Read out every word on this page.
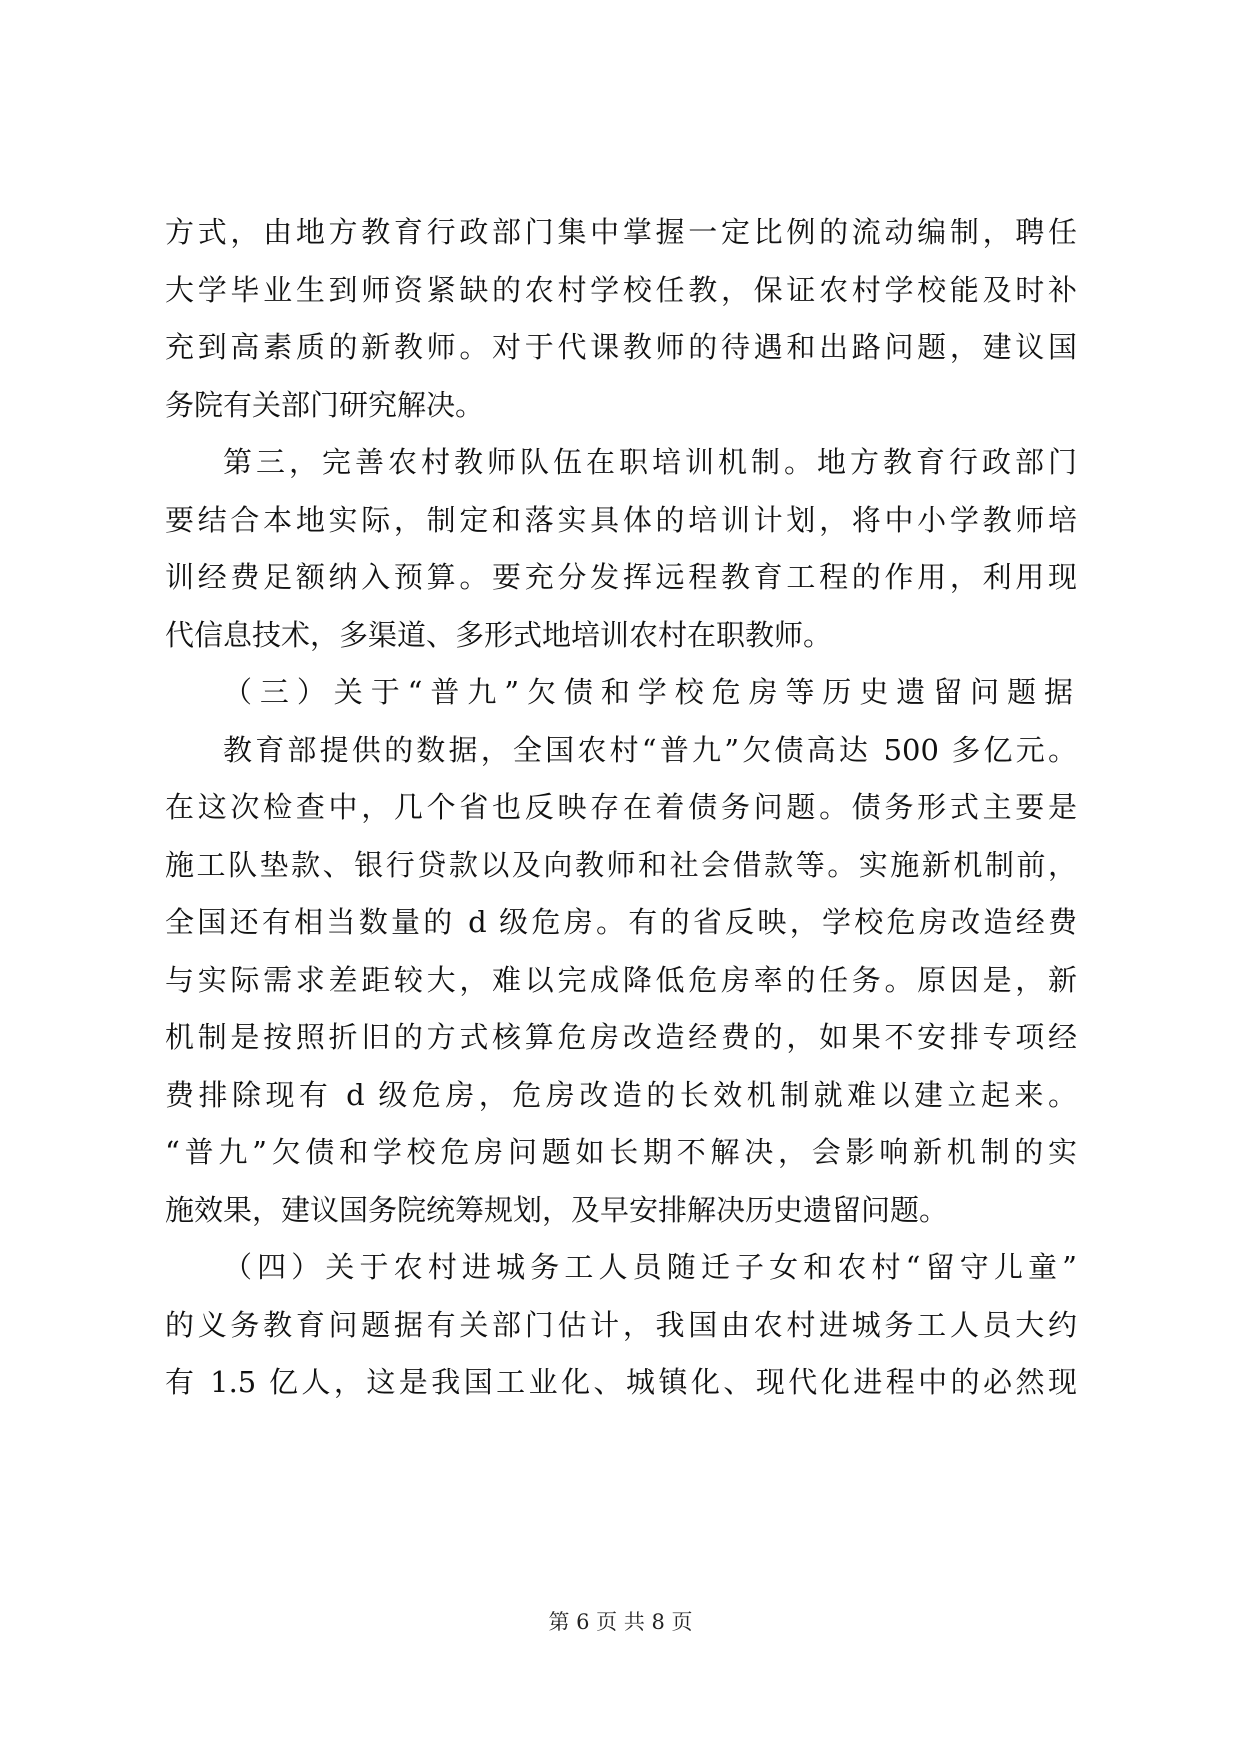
方式，由地方教育行政部门集中掌握一定比例的流动编制，聘任
大学毕业生到师资紧缺的农村学校任教，保证农村学校能及时补
充到高素质的新教师。对于代课教师的待遇和出路问题，建议国
务院有关部门研究解决。
第三，完善农村教师队伍在职培训机制。地方教育行政部门
要结合本地实际，制定和落实具体的培训计划，将中小学教师培
训经费足额纳入预算。要充分发挥远程教育工程的作用，利用现
代信息技术，多渠道、多形式地培训农村在职教师。
（三）关于“普九”欠债和学校危房等历史遗留问题据
教育部提供的数据，全国农村“普九”欠债高达 500 多亿元。
在这次检查中，几个省也反映存在着债务问题。债务形式主要是
施工队垫款、银行贷款以及向教师和社会借款等。实施新机制前，
全国还有相当数量的 d 级危房。有的省反映，学校危房改造经费
与实际需求差距较大，难以完成降低危房率的任务。原因是，新
机制是按照折旧的方式核算危房改造经费的，如果不安排专项经
费排除现有 d 级危房，危房改造的长效机制就难以建立起来。
“普九”欠债和学校危房问题如长期不解决，会影响新机制的实
施效果，建议国务院统筹规划，及早安排解决历史遗留问题。
（四）关于农村进城务工人员随迁子女和农村“留守儿童”
的义务教育问题据有关部门估计，我国由农村进城务工人员大约
有 1.5 亿人，这是我国工业化、城镇化、现代化进程中的必然现
第 6 页 共 8 页
